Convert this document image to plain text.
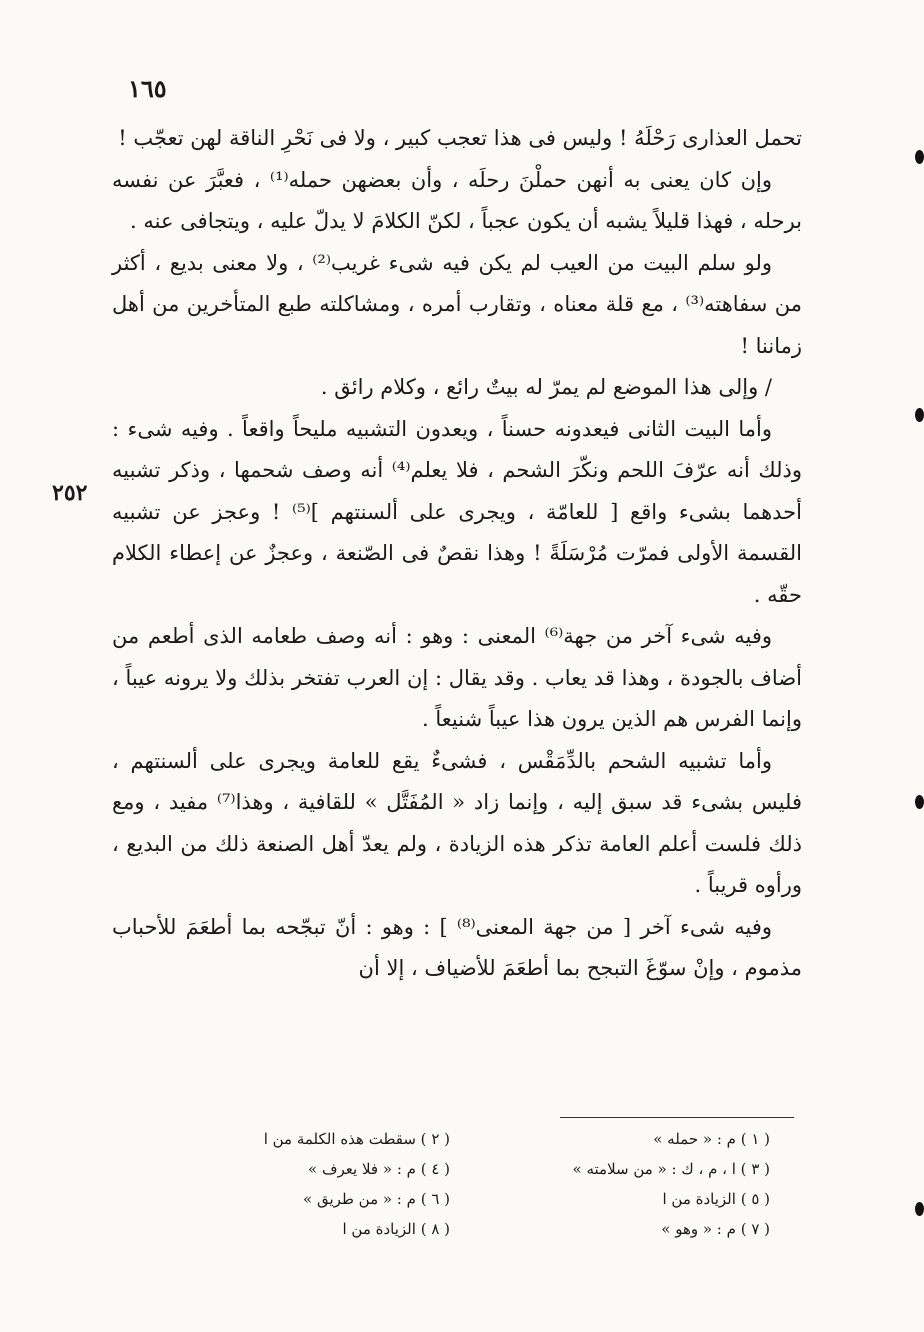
١٦٥
٢٥٢

تحمل العذارى رَحْلَهُ ! وليس فى هذا تعجب كبير ، ولا فى نَحْرِ الناقة لهن تعجّب !

وإن كان يعنى به أنهن حملْنَ رحلَه ، وأن بعضهن حمله⁽¹⁾ ، فعبَّرَ عن نفسه برحله ، فهذا قليلاً يشبه أن يكون عجباً ، لكنّ الكلامَ لا يدلّ عليه ، ويتجافى عنه .

ولو سلم البيت من العيب لم يكن فيه شىء غريب⁽²⁾ ، ولا معنى بديع ، أكثر من سفاهته⁽³⁾ ، مع قلة معناه ، وتقارب أمره ، ومشاكلته طبع المتأخرين من أهل زماننا !

/ وإلى هذا الموضع لم يمرّ له بيتٌ رائع ، وكلام رائق .

وأما البيت الثانى فيعدونه حسناً ، ويعدون التشبيه مليحاً واقعاً . وفيه شىء : وذلك أنه عرّفَ اللحم ونكّرَ الشحم ، فلا يعلم⁽⁴⁾ أنه وصف شحمها ، وذكر تشبيه أحدهما بشىء واقع [ للعامّة ، ويجرى على ألسنتهم ]⁽⁵⁾ ! وعجز عن تشبيه القسمة الأولى فمرّت مُرْسَلَةً ! وهذا نقصٌ فى الصّنعة ، وعجزٌ عن إعطاء الكلام حقّه .

وفيه شىء آخر من جهة⁽⁶⁾ المعنى : وهو : أنه وصف طعامه الذى أطعم من أضاف بالجودة ، وهذا قد يعاب . وقد يقال : إن العرب تفتخر بذلك ولا يرونه عيباً ، وإنما الفرس هم الذين يرون هذا عيباً شنيعاً .

وأما تشبيه الشحم بالدِّمَقْس ، فشىءٌ يقع للعامة ويجرى على ألسنتهم ، فليس بشىء قد سبق إليه ، وإنما زاد « المُفَتَّل » للقافية ، وهذا⁽⁷⁾ مفيد ، ومع ذلك فلست أعلم العامة تذكر هذه الزيادة ، ولم يعدّ أهل الصنعة ذلك من البديع ، ورأوه قريباً .

وفيه شىء آخر [ من جهة المعنى⁽⁸⁾ ] : وهو : أنّ تبجّحه بما أطعَمَ للأحباب مذموم ، وإنْ سوّغَ التبجح بما أطعَمَ للأضياف ، إلا أن

( ١ ) م : « حمله »
( ٢ ) سقطت هذه الكلمة من ا
( ٣ ) ا ، م ، ك : « من سلامته »
( ٤ ) م : « فلا يعرف »
( ٥ ) الزيادة من ا
( ٦ ) م : « من طريق »
( ٧ ) م : « وهو »
( ٨ ) الزيادة من ا
